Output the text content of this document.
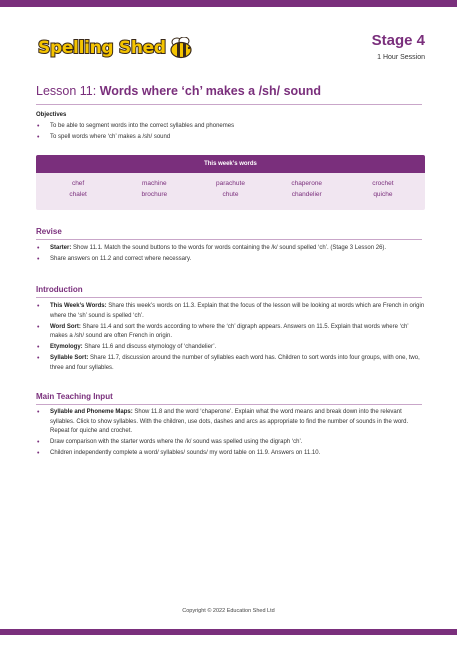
Spelling Shed	Stage 4
1 Hour Session
Lesson 11: Words where ‘ch’ makes a /sh/ sound
Objectives
• To be able to segment words into the correct syllables and phonemes
• To spell words where ‘ch’ makes a /sh/ sound
This week’s words
chef	machine	parachute	chaperone	crochet
chalet	brochure	chute	chandelier	quiche
Revise
• Starter: Show 11.1. Match the sound buttons to the words for words containing the /k/ sound spelled ‘ch’. (Stage 3 Lesson 26).
• Share answers on 11.2 and correct where necessary.
Introduction
• This Week’s Words: Share this week’s words on 11.3. Explain that the focus of the lesson will be looking at words which are French in origin where the ‘sh’ sound is spelled ‘ch’.
• Word Sort: Share 11.4 and sort the words according to where the ‘ch’ digraph appears. Answers on 11.5. Explain that words where ‘ch’ makes a /sh/ sound are often French in origin.
• Etymology: Share 11.6 and discuss etymology of ‘chandelier’.
• Syllable Sort: Share 11.7, discussion around the number of syllables each word has. Children to sort words into four groups, with one, two, three and four syllables.
Main Teaching Input
• Syllable and Phoneme Maps: Show 11.8 and the word ‘chaperone’. Explain what the word means and break down into the relevant syllables. Click to show syllables. With the children, use dots, dashes and arcs as appropriate to find the number of sounds in the word. Repeat for quiche and crochet.
• Draw comparison with the starter words where the /k/ sound was spelled using the digraph ‘ch’.
• Children independently complete a word/ syllables/ sounds/ my word table on 11.9. Answers on 11.10.
Copyright © 2022 Education Shed Ltd
